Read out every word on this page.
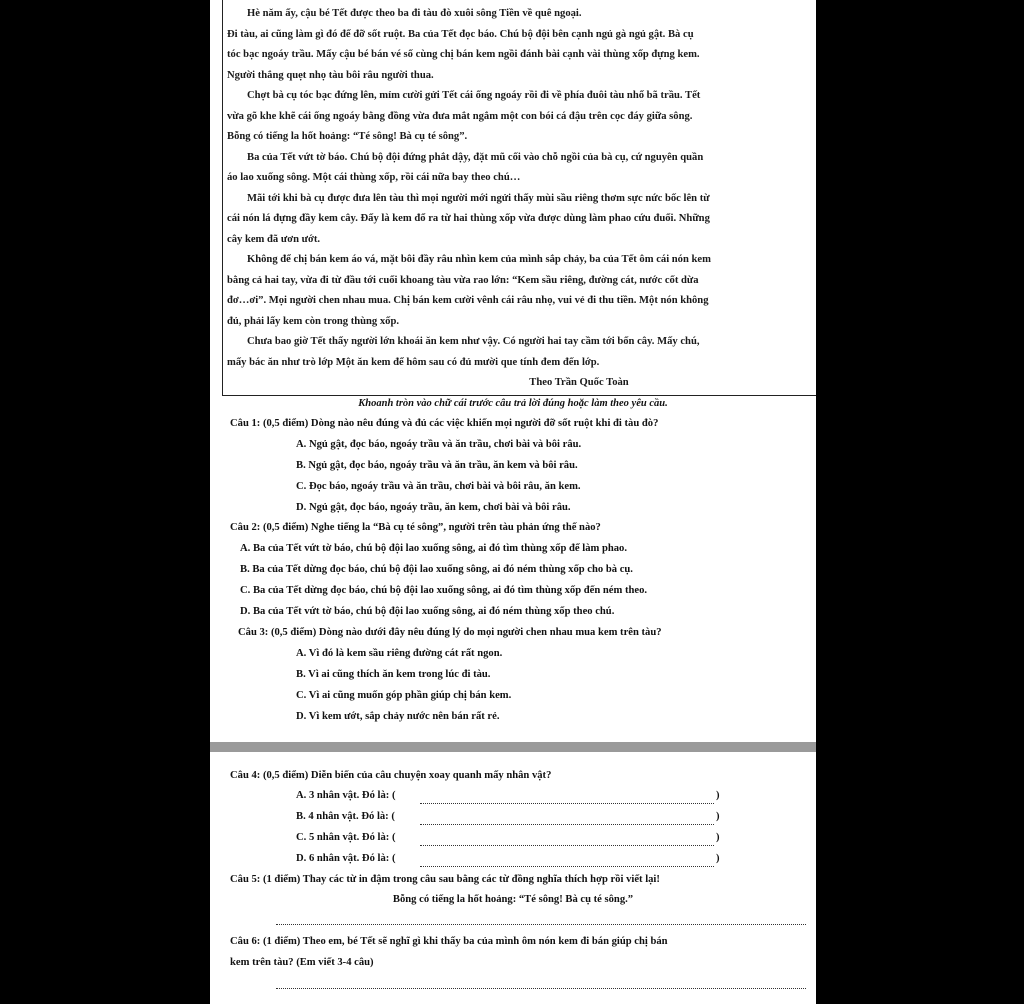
Hè năm ấy, cậu bé Tết được theo ba đi tàu đò xuôi sông Tiền về quê ngoại.

Đi tàu, ai cũng làm gì đó để đỡ sốt ruột. Ba của Tết đọc báo. Chú bộ đội bên cạnh ngủ gà ngủ gật. Bà cụ

tóc bạc ngoáy trầu. Mấy cậu bé bán vé số cùng chị bán kem ngồi đánh bài cạnh vài thùng xốp đựng kem.

Người thắng quẹt nhọ tàu bôi râu người thua.

Chợt bà cụ tóc bạc đứng lên, mỉm cười gửi Tết cái ống ngoáy rồi đi về phía đuôi tàu nhổ bã trầu. Tết

vừa gõ khe khẽ cái ống ngoáy bằng đồng vừa đưa mắt ngắm một con bói cá đậu trên cọc đáy giữa sông.

Bỗng có tiếng la hốt hoảng: “Té sông! Bà cụ té sông”.

Ba của Tết vứt tờ báo. Chú bộ đội đứng phắt dậy, đặt mũ cối vào chỗ ngồi của bà cụ, cứ nguyên quần

áo lao xuống sông. Một cái thùng xốp, rồi cái nữa bay theo chú…

Mãi tới khi bà cụ được đưa lên tàu thì mọi người mới ngửi thấy mùi sầu riêng thơm sực nức bốc lên từ

cái nón lá đựng đầy kem cây. Đấy là kem đổ ra từ hai thùng xốp vừa được dùng làm phao cứu đuối. Những

cây kem đã ươn ướt.

Không để chị bán kem áo vá, mặt bôi đầy râu nhìn kem của mình sắp chảy, ba của Tết ôm cái nón kem

bằng cả hai tay, vừa đi từ đầu tới cuối khoang tàu vừa rao lớn: “Kem sầu riêng, đường cát, nước cốt dừa

đơ…ơi”. Mọi người chen nhau mua. Chị bán kem cười vênh cái râu nhọ, vui vẻ đi thu tiền. Một nón không

đủ, phải lấy kem còn trong thùng xốp.

Chưa bao giờ Tết thấy người lớn khoái ăn kem như vậy. Có người hai tay cầm tới bốn cây. Mấy chú,

mấy bác ăn như trò lớp Một ăn kem để hôm sau có đủ mười que tính đem đến lớp.

Theo Trần Quốc Toàn

Khoanh tròn vào chữ cái trước câu trả lời đúng hoặc làm theo yêu cầu.
Câu 1: (0,5 điểm) Dòng nào nêu đúng và đủ các việc khiến mọi người đỡ sốt ruột khi đi tàu đò?
A. Ngủ gật, đọc báo, ngoáy trầu và ăn trầu, chơi bài và bôi râu.
B. Ngủ gật, đọc báo, ngoáy trầu và ăn trầu, ăn kem và bôi râu.
C. Đọc báo, ngoáy trầu và ăn trầu, chơi bài và bôi râu, ăn kem.
D. Ngủ gật, đọc báo, ngoáy trầu, ăn kem, chơi bài và bôi râu.
Câu 2: (0,5 điểm) Nghe tiếng la “Bà cụ té sông”, người trên tàu phản ứng thế nào?
A. Ba của Tết vứt tờ báo, chú bộ đội lao xuống sông, ai đó tìm thùng xốp để làm phao.
B. Ba của Tết dừng đọc báo, chú bộ đội lao xuống sông, ai đó ném thùng xốp cho bà cụ.
C. Ba của Tết dừng đọc báo, chú bộ đội lao xuống sông, ai đó tìm thùng xốp đến ném theo.
D. Ba của Tết vứt tờ báo, chú bộ đội lao xuống sông, ai đó ném thùng xốp theo chú.
Câu 3: (0,5 điểm) Dòng nào dưới đây nêu đúng lý do mọi người chen nhau mua kem trên tàu?
A. Vì đó là kem sầu riêng đường cát rất ngon.
B. Vì ai cũng thích ăn kem trong lúc đi tàu.
C. Vì ai cũng muốn góp phần giúp chị bán kem.
D. Vì kem ướt, sắp chảy nước nên bán rất rẻ.
Câu 4: (0,5 điểm) Diễn biến của câu chuyện xoay quanh mấy nhân vật?
A. 3 nhân vật. Đó là: (	)
B. 4 nhân vật. Đó là: (	)
C. 5 nhân vật. Đó là: (	)
D. 6 nhân vật. Đó là: (	)
Câu 5: (1 điểm) Thay các từ in đậm trong câu sau bằng các từ đồng nghĩa thích hợp rồi viết lại!
Bỗng có tiếng la hốt hoảng: “Té sông! Bà cụ té sông.”
Câu 6: (1 điểm) Theo em, bé Tết sẽ nghĩ gì khi thấy ba của mình ôm nón kem đi bán giúp chị bán
kem trên tàu? (Em viết 3-4 câu)
